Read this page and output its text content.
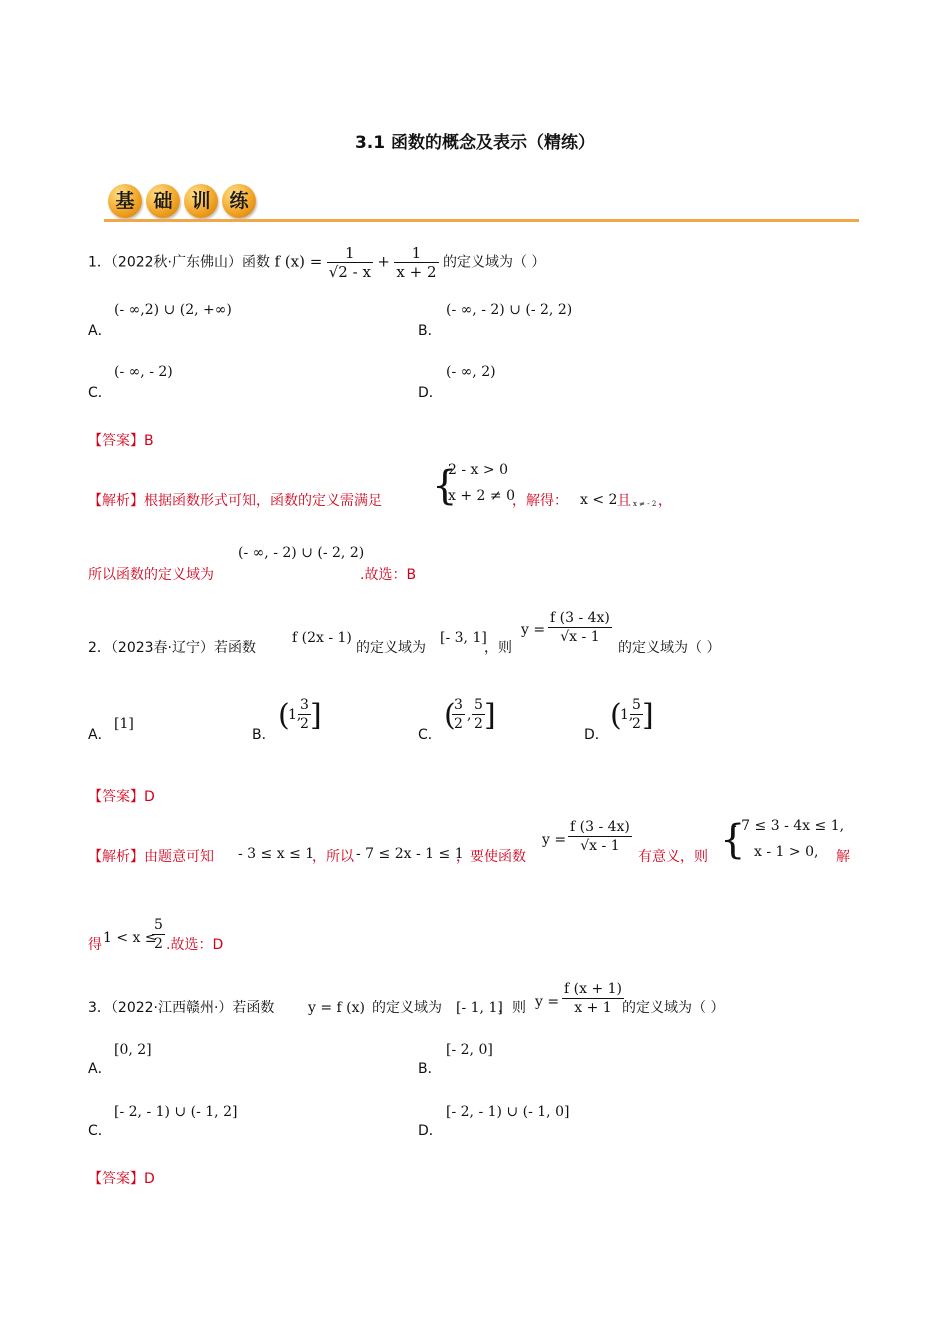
3.1 函数的概念及表示（精练）
基 础 训 练
1．（2022秋·广东佛山）函数 f $(x) = \frac{1}{√2 - x} + \frac{1}{x + 2}$ 的定义域为（ ）
A．
(- ∞,2) ∪ (2, +∞)
B．
(- ∞, - 2) ∪ (- 2, 2)
C．
(- ∞, - 2)
D．
(- ∞, 2)
【答案】B
【解析】根据函数形式可知，函数的定义需满足 {
2 - x > 0
x + 2 ≠ 0
，解得： x < 2 且 x ≠ - 2 ，
所以函数的定义域为
(- ∞, - 2) ∪ (- 2, 2)
.故选：B
2．（2023春·辽宁）若函数
f (2x - 1)
的定义域为
[- 3, 1]
，则
$y = \frac{f (3 - 4x)}{√x - 1}$
的定义域为（ ）
A．
[1]
B．
(
1,
$\frac{3}{2}$ ]
C．
(
$\frac{3}{2}$ , $\frac{5}{2}$ ]
D．
(
1,
$\frac{5}{2}$ ]
【答案】D
【解析】由题意可知 - 3 ≤ x ≤ 1
，所以 - 7 ≤ 2x - 1 ≤ 1
，要使函数
$y = \frac{f (3 - 4x)}{√x - 1}$
有意义，则 {
- 7 ≤ 3 - 4x ≤ 1,
x - 1 > 0, 解
得 1 < x ≤
$\frac{5}{2}$ .故选：D
3．（2022·江西赣州·）若函数 y = f (x) 的定义域为 [- 1, 1]
，则 $y = \frac{f (x + 1)}{x + 1}$
的定义域为（ ）
A．
[0, 2]
B．
[- 2, 0]
C．
[- 2, - 1) ∪ (- 1, 2]
D．
[- 2, - 1) ∪ (- 1, 0]
【答案】D
